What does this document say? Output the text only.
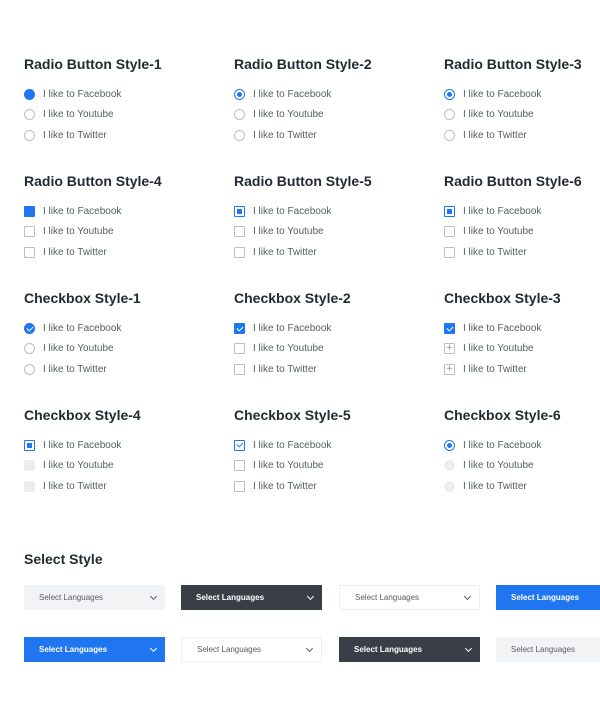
Radio Button Style-1
I like to Facebook
I like to Youtube
I like to Twitter
Radio Button Style-2
I like to Facebook
I like to Youtube
I like to Twitter
Radio Button Style-3
I like to Facebook
I like to Youtube
I like to Twitter
Radio Button Style-4
I like to Facebook
I like to Youtube
I like to Twitter
Radio Button Style-5
I like to Facebook
I like to Youtube
I like to Twitter
Radio Button Style-6
I like to Facebook
I like to Youtube
I like to Twitter
Checkbox Style-1
I like to Facebook
I like to Youtube
I like to Twitter
Checkbox Style-2
I like to Facebook
I like to Youtube
I like to Twitter
Checkbox Style-3
I like to Facebook
+ I like to Youtube
+ I like to Twitter
Checkbox Style-4
I like to Facebook
I like to Youtube
I like to Twitter
Checkbox Style-5
I like to Facebook
I like to Youtube
I like to Twitter
Checkbox Style-6
I like to Facebook
I like to Youtube
I like to Twitter
Select Style
Select Languages	Select Languages	Select Languages	Select Languages
Select Languages	Select Languages	Select Languages	Select Languages
